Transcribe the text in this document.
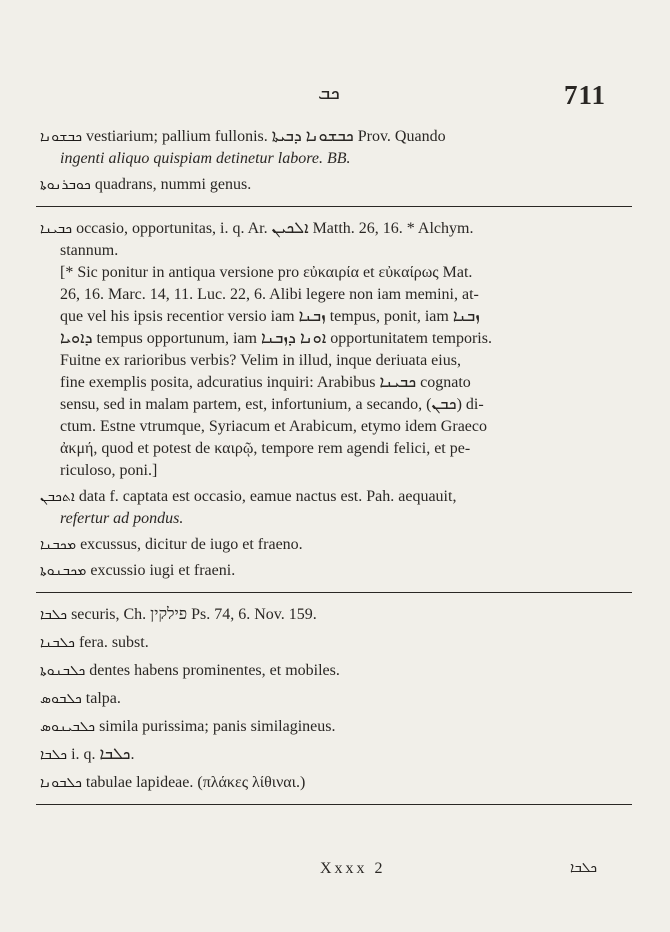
ܟܒ	711
ܟܒܫܘܢܐ vestiarium; pallium fullonis. ܟܒܫܘܢܐ ܕܒܝܬܐ Prov. Quando
ingenti aliquo quispiam detinetur labore. BB.
ܟܘܒܪܢܘܬܐ quadrans, nummi genus.
ܟܒܝܢܐ occasio, opportunitas, i. q. Ar. ܐܠܟܝܢ Matth. 26, 16. * Alchym.
stannum.
[* Sic ponitur in antiqua versione pro εὐκαιρία et εὐκαίρως Mat.
26, 16. Marc. 14, 11. Luc. 22, 6. Alibi legere non iam memini, at-
que vel his ipsis recentior versio iam ܙܒܢܐ tempus, ponit, iam ܙܒܢܐ
ܕܐܘܝܐ tempus opportunum, iam ܐܘܢܐ ܕܙܒܢܐ opportunitatem temporis.
Fuitne ex rarioribus verbis? Velim in illud, inque deriuata eius,
fine exemplis posita, adcuratius inquiri: Arabibus ܟܒܝܢܐ cognato
sensu, sed in malam partem, est, infortunium, a secando, (ܟܒܢ) di-
ctum. Estne vtrumque, Syriacum et Arabicum, etymo idem Graeco
ἀκμή, quod et potest de καιρῷ, tempore rem agendi felici, et pe-
riculoso, poni.]
ܐܬܟܒܢ data f. captata est occasio, eamue nactus est. Pah. aequauit,
refertur ad pondus.
ܡܟܒܢܐ excussus, dicitur de iugo et fraeno.
ܡܟܒܢܘܬܐ excussio iugi et fraeni.
ܟܠܒܐ securis, Ch. פילקין Ps. 74, 6. Nov. 159.
ܟܠܒܢܐ fera. subst.
ܟܠܒܢܘܬܐ dentes habens prominentes, et mobiles.
ܟܠܒܘܣ talpa.
ܟܠܒܝܢܘܣ simila purissima; panis similagineus.
ܟܠܒܐ i. q. ܟܠܒܐ.
ܟܠܒܘܢܐ tabulae lapideae. (πλάκες λίθιναι.)
Xxxx 2	ܟܠܒܐ
